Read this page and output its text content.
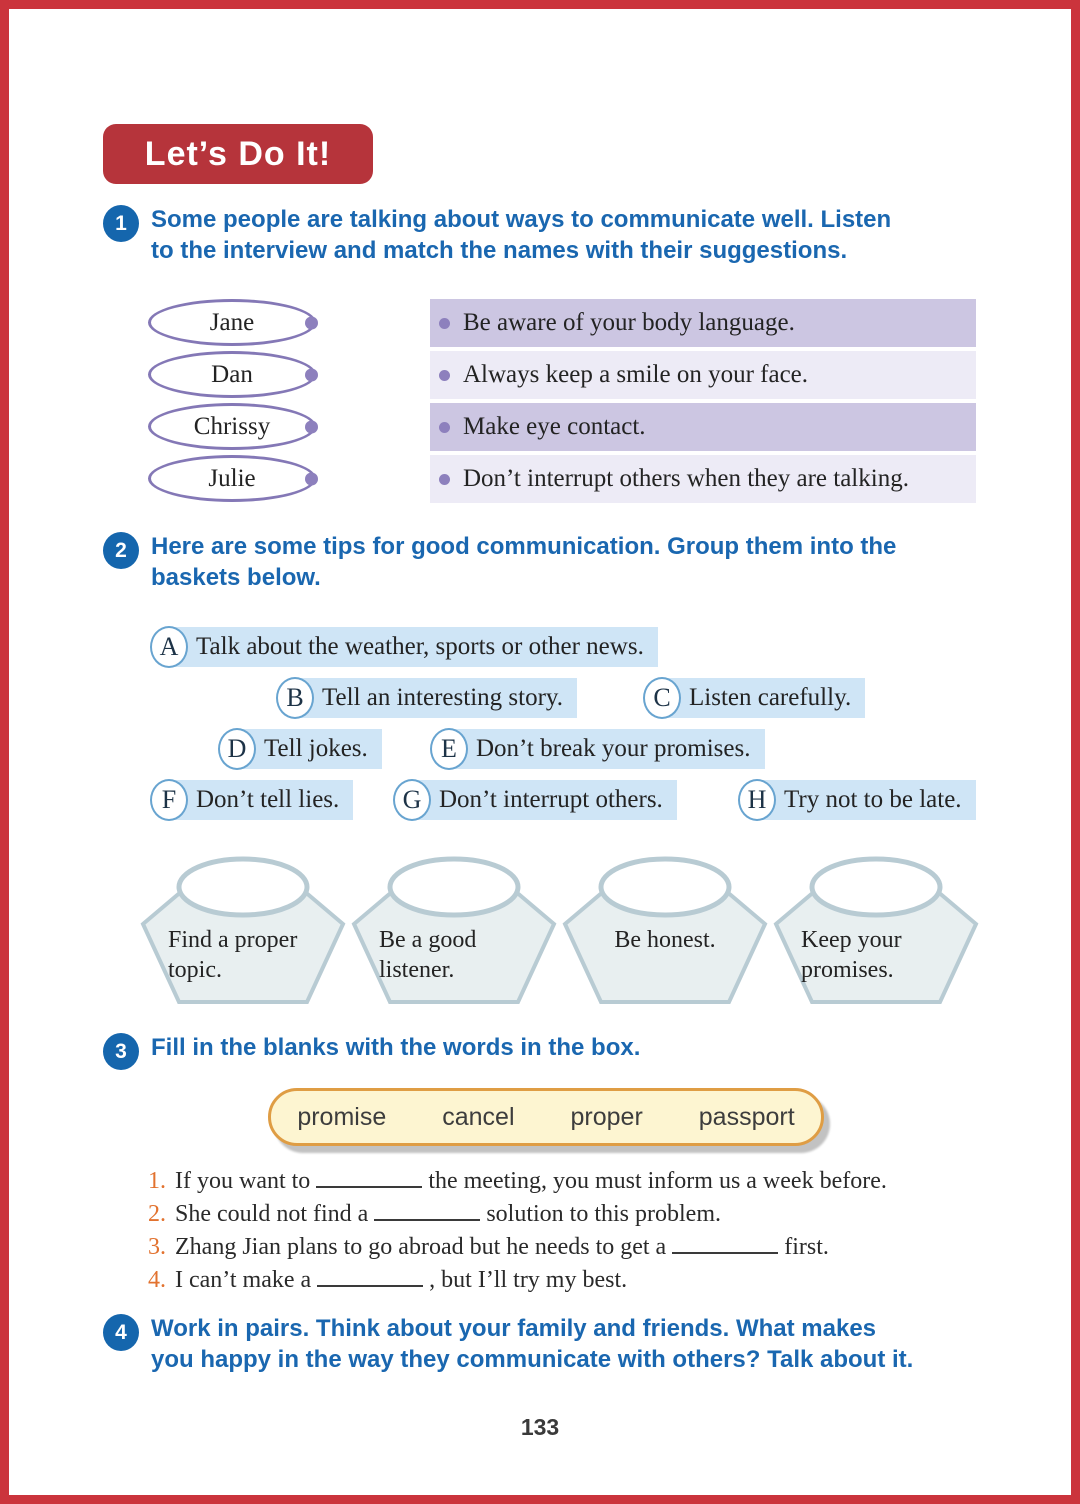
Let’s Do It!
1	Some people are talking about ways to communicate well. Listen
to the interview and match the names with their suggestions.
Jane
Dan
Chrissy
Julie
Be aware of your body language.
Always keep a smile on your face.
Make eye contact.
Don’t interrupt others when they are talking.
2	Here are some tips for good communication. Group them into the
baskets below.
A Talk about the weather, sports or other news.
B Tell an interesting story.	C Listen carefully.
D Tell jokes.	E Don’t break your promises.
F Don’t tell lies.	G Don’t interrupt others.	H Try not to be late.
Find a proper topic.
Be a good listener.
Be honest.	Keep your promises.
3	Fill in the blanks with the words in the box.
promise cancel proper passport
1. If you want to	the meeting, you must inform us a week before.
2. She could not find a	solution to this problem.
3. Zhang Jian plans to go abroad but he needs to get a	first.
4. I can’t make a	, but I’ll try my best.
4	Work in pairs. Think about your family and friends. What makes
you happy in the way they communicate with others? Talk about it.
133
